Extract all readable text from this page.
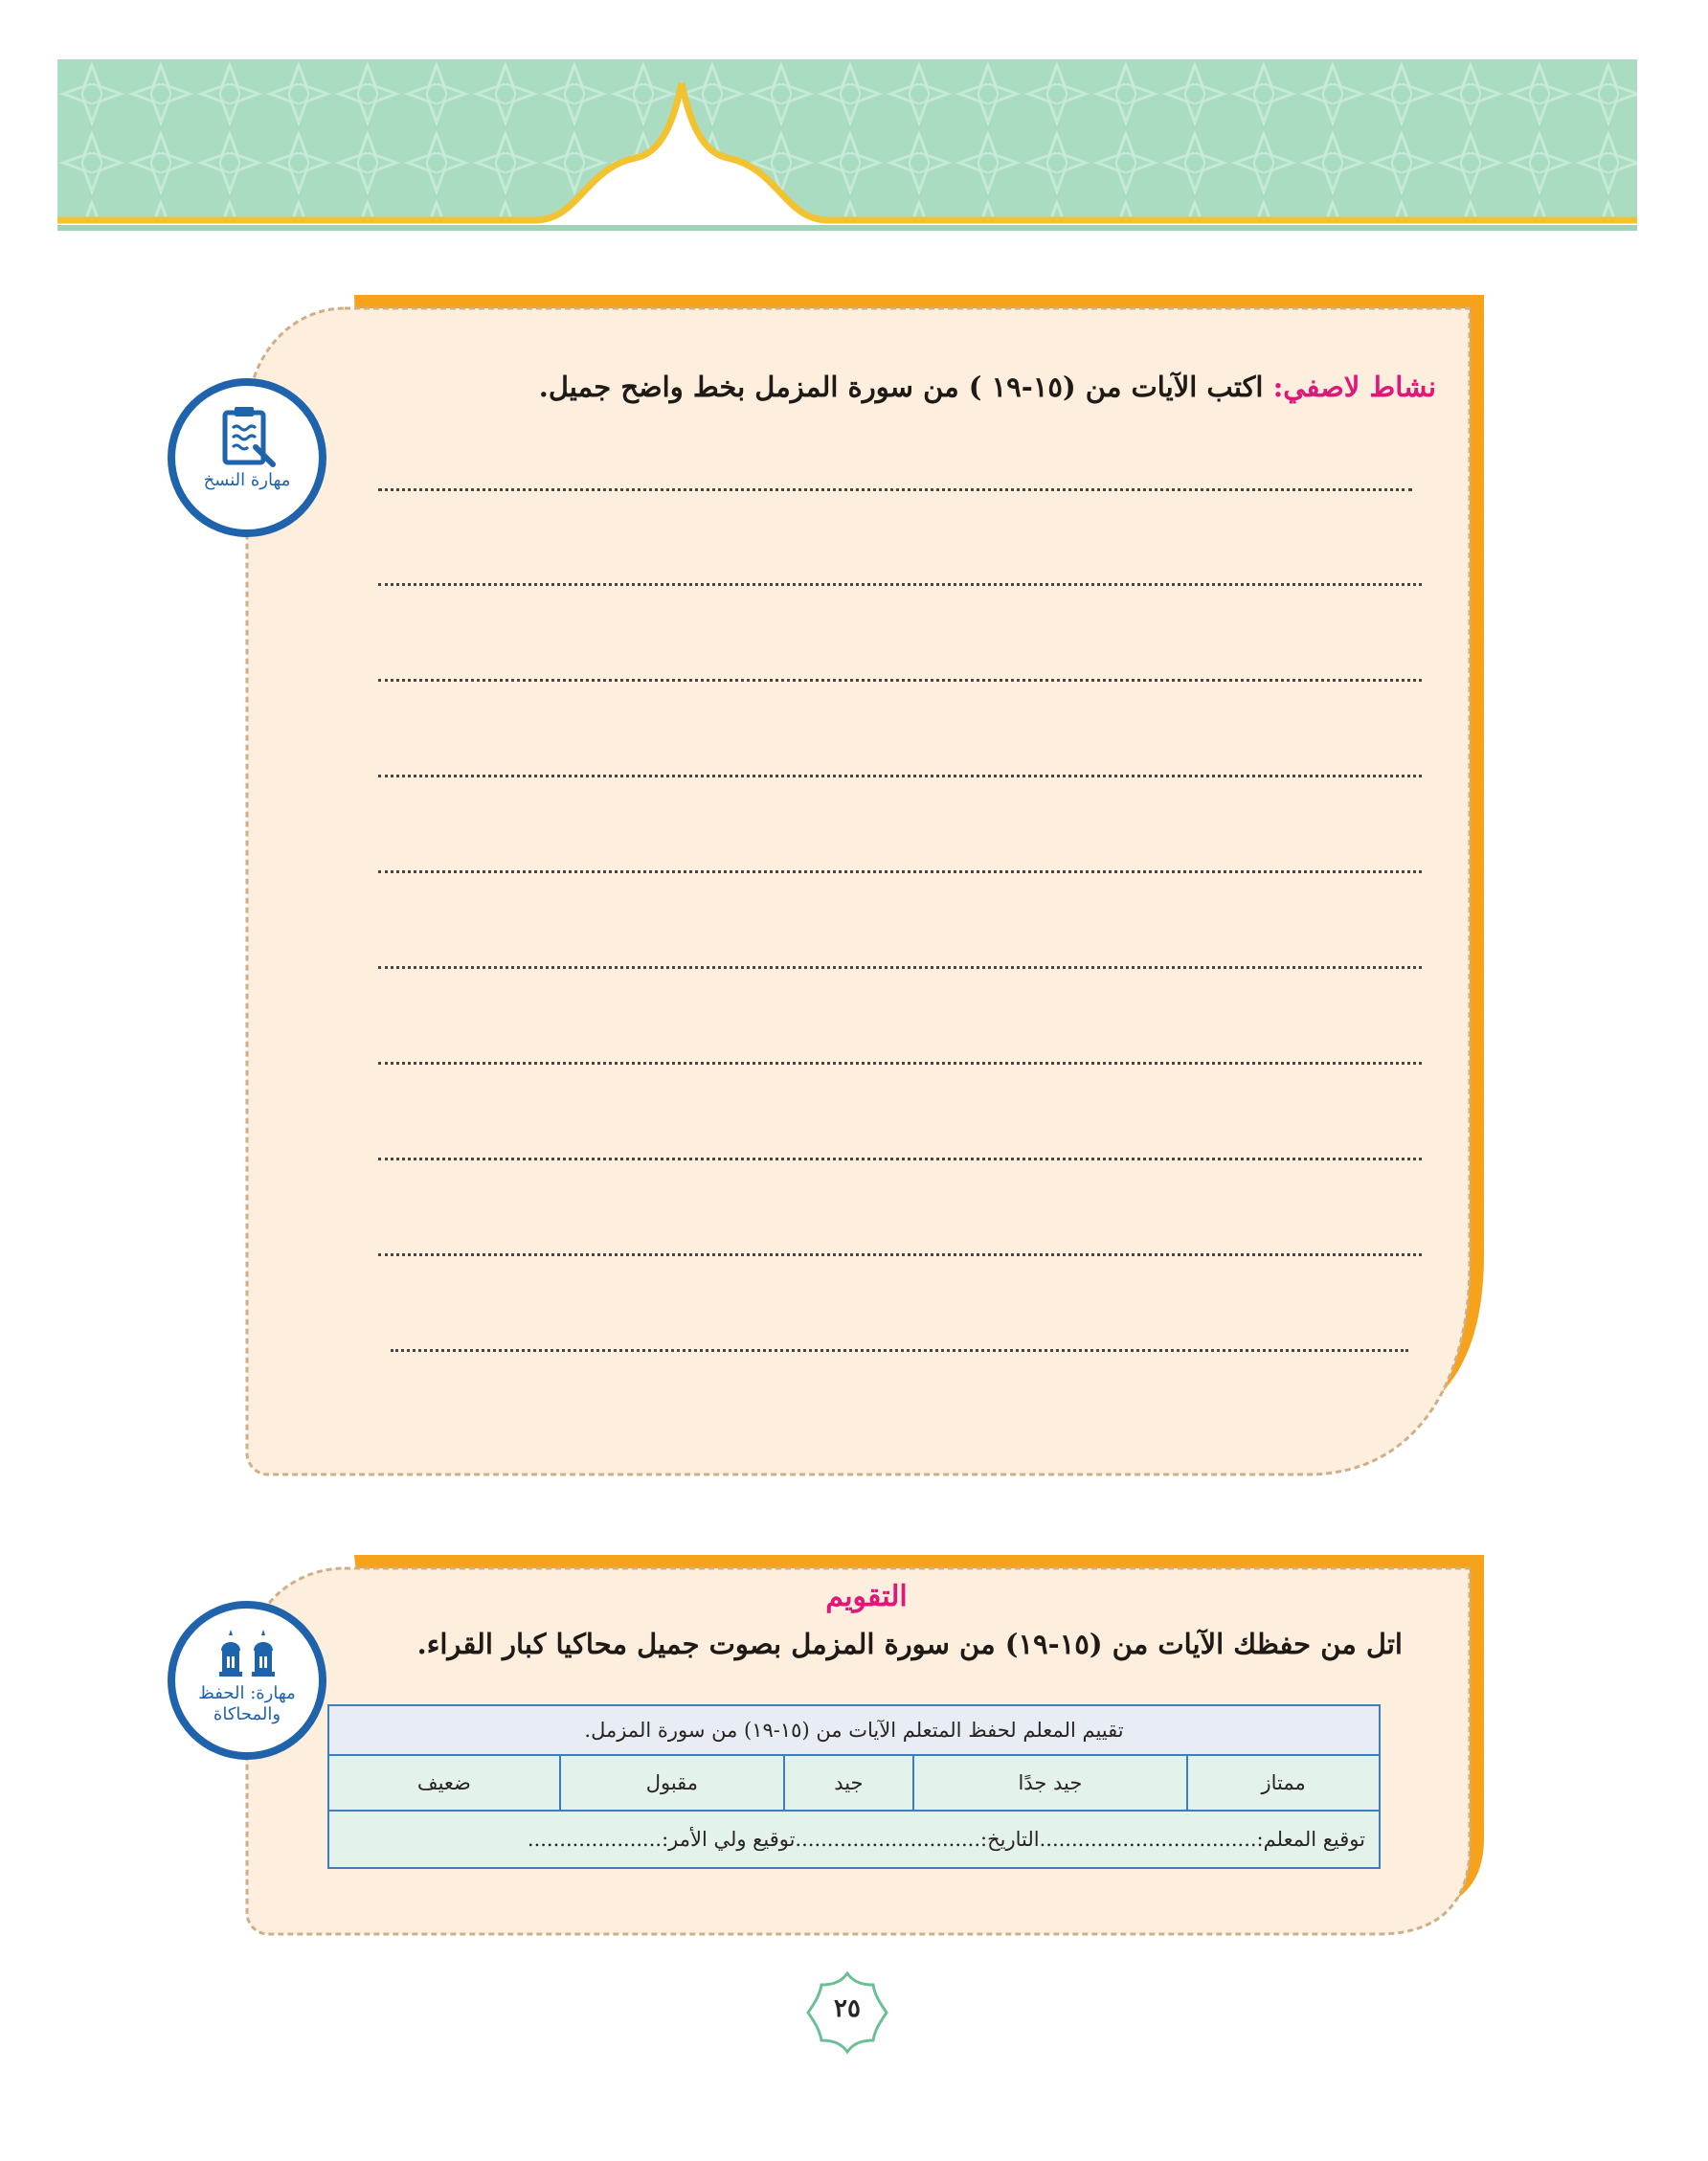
نشاط لاصفي: اكتب الآيات من (١٥-١٩ ) من سورة المزمل بخط واضح جميل.
مهارة النسخ
التقويم
اتل من حفظك الآيات من (١٥-١٩) من سورة المزمل بصوت جميل محاكيا كبار القراء.
تقييم المعلم لحفظ المتعلم الآيات من (١٥-١٩) من سورة المزمل.
ممتاز	جيد جدًا	جيد	مقبول	ضعيف
توقيع المعلم:..................................التاريخ:.............................توقيع ولي الأمر:.....................
مهارة: الحفظ
والمحاكاة
٢٥
